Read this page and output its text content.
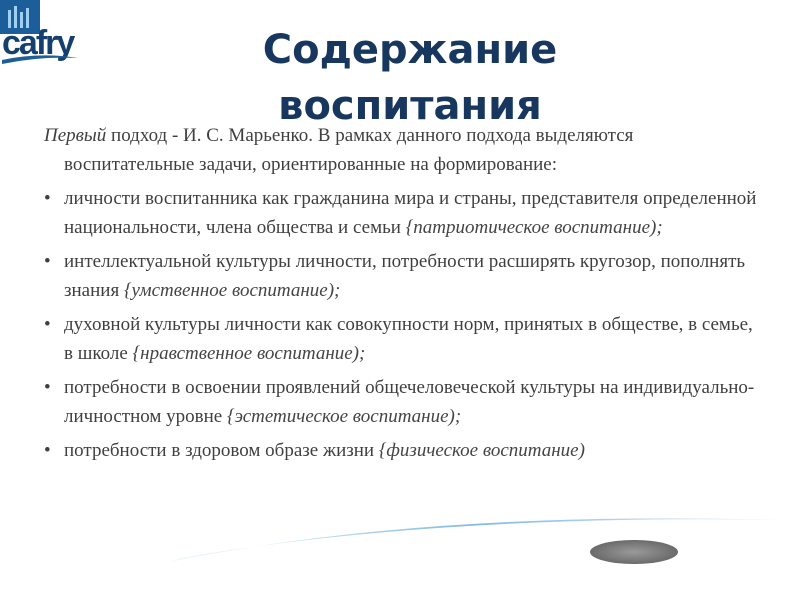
cafry	Содержание воспитания

Первый подход - И. С. Марьенко. В рамках данного подхода выделяются воспитательные задачи, ориентированные на формирование:

• личности воспитанника как гражданина мира и страны, представителя определенной национальности, члена общества и семьи {патриотическое воспитание);
• интеллектуальной культуры личности, потребности расширять кругозор, пополнять знания {умственное воспитание);
• духовной культуры личности как совокупности норм, принятых в обществе, в семье, в школе {нравственное воспитание);
• потребности в освоении проявлений общечеловеческой культуры на индивидуально-личностном уровне {эстетическое воспитание);
• потребности в здоровом образе жизни {физическое воспитание)
